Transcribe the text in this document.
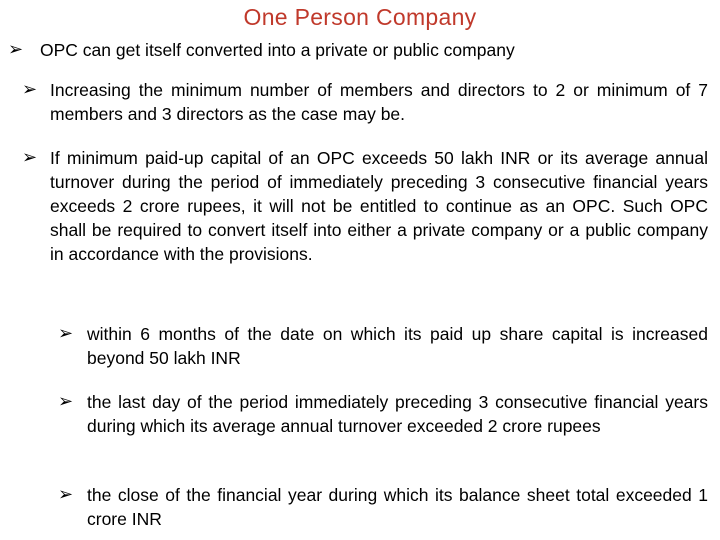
One Person Company
➢ OPC can get itself converted into a private or public company
➢ Increasing the minimum number of members and directors to 2 or minimum of 7 members and 3 directors as the case may be.
➢ If minimum paid-up capital of an OPC exceeds 50 lakh INR or its average annual turnover during the period of immediately preceding 3 consecutive financial years exceeds 2 crore rupees, it will not be entitled to continue as an OPC. Such OPC shall be required to convert itself into either a private company or a public company in accordance with the provisions.
➢ within 6 months of the date on which its paid up share capital is increased beyond 50 lakh INR
➢ the last day of the period immediately preceding 3 consecutive financial years during which its average annual turnover exceeded 2 crore rupees
➢ the close of the financial year during which its balance sheet total exceeded 1 crore INR
